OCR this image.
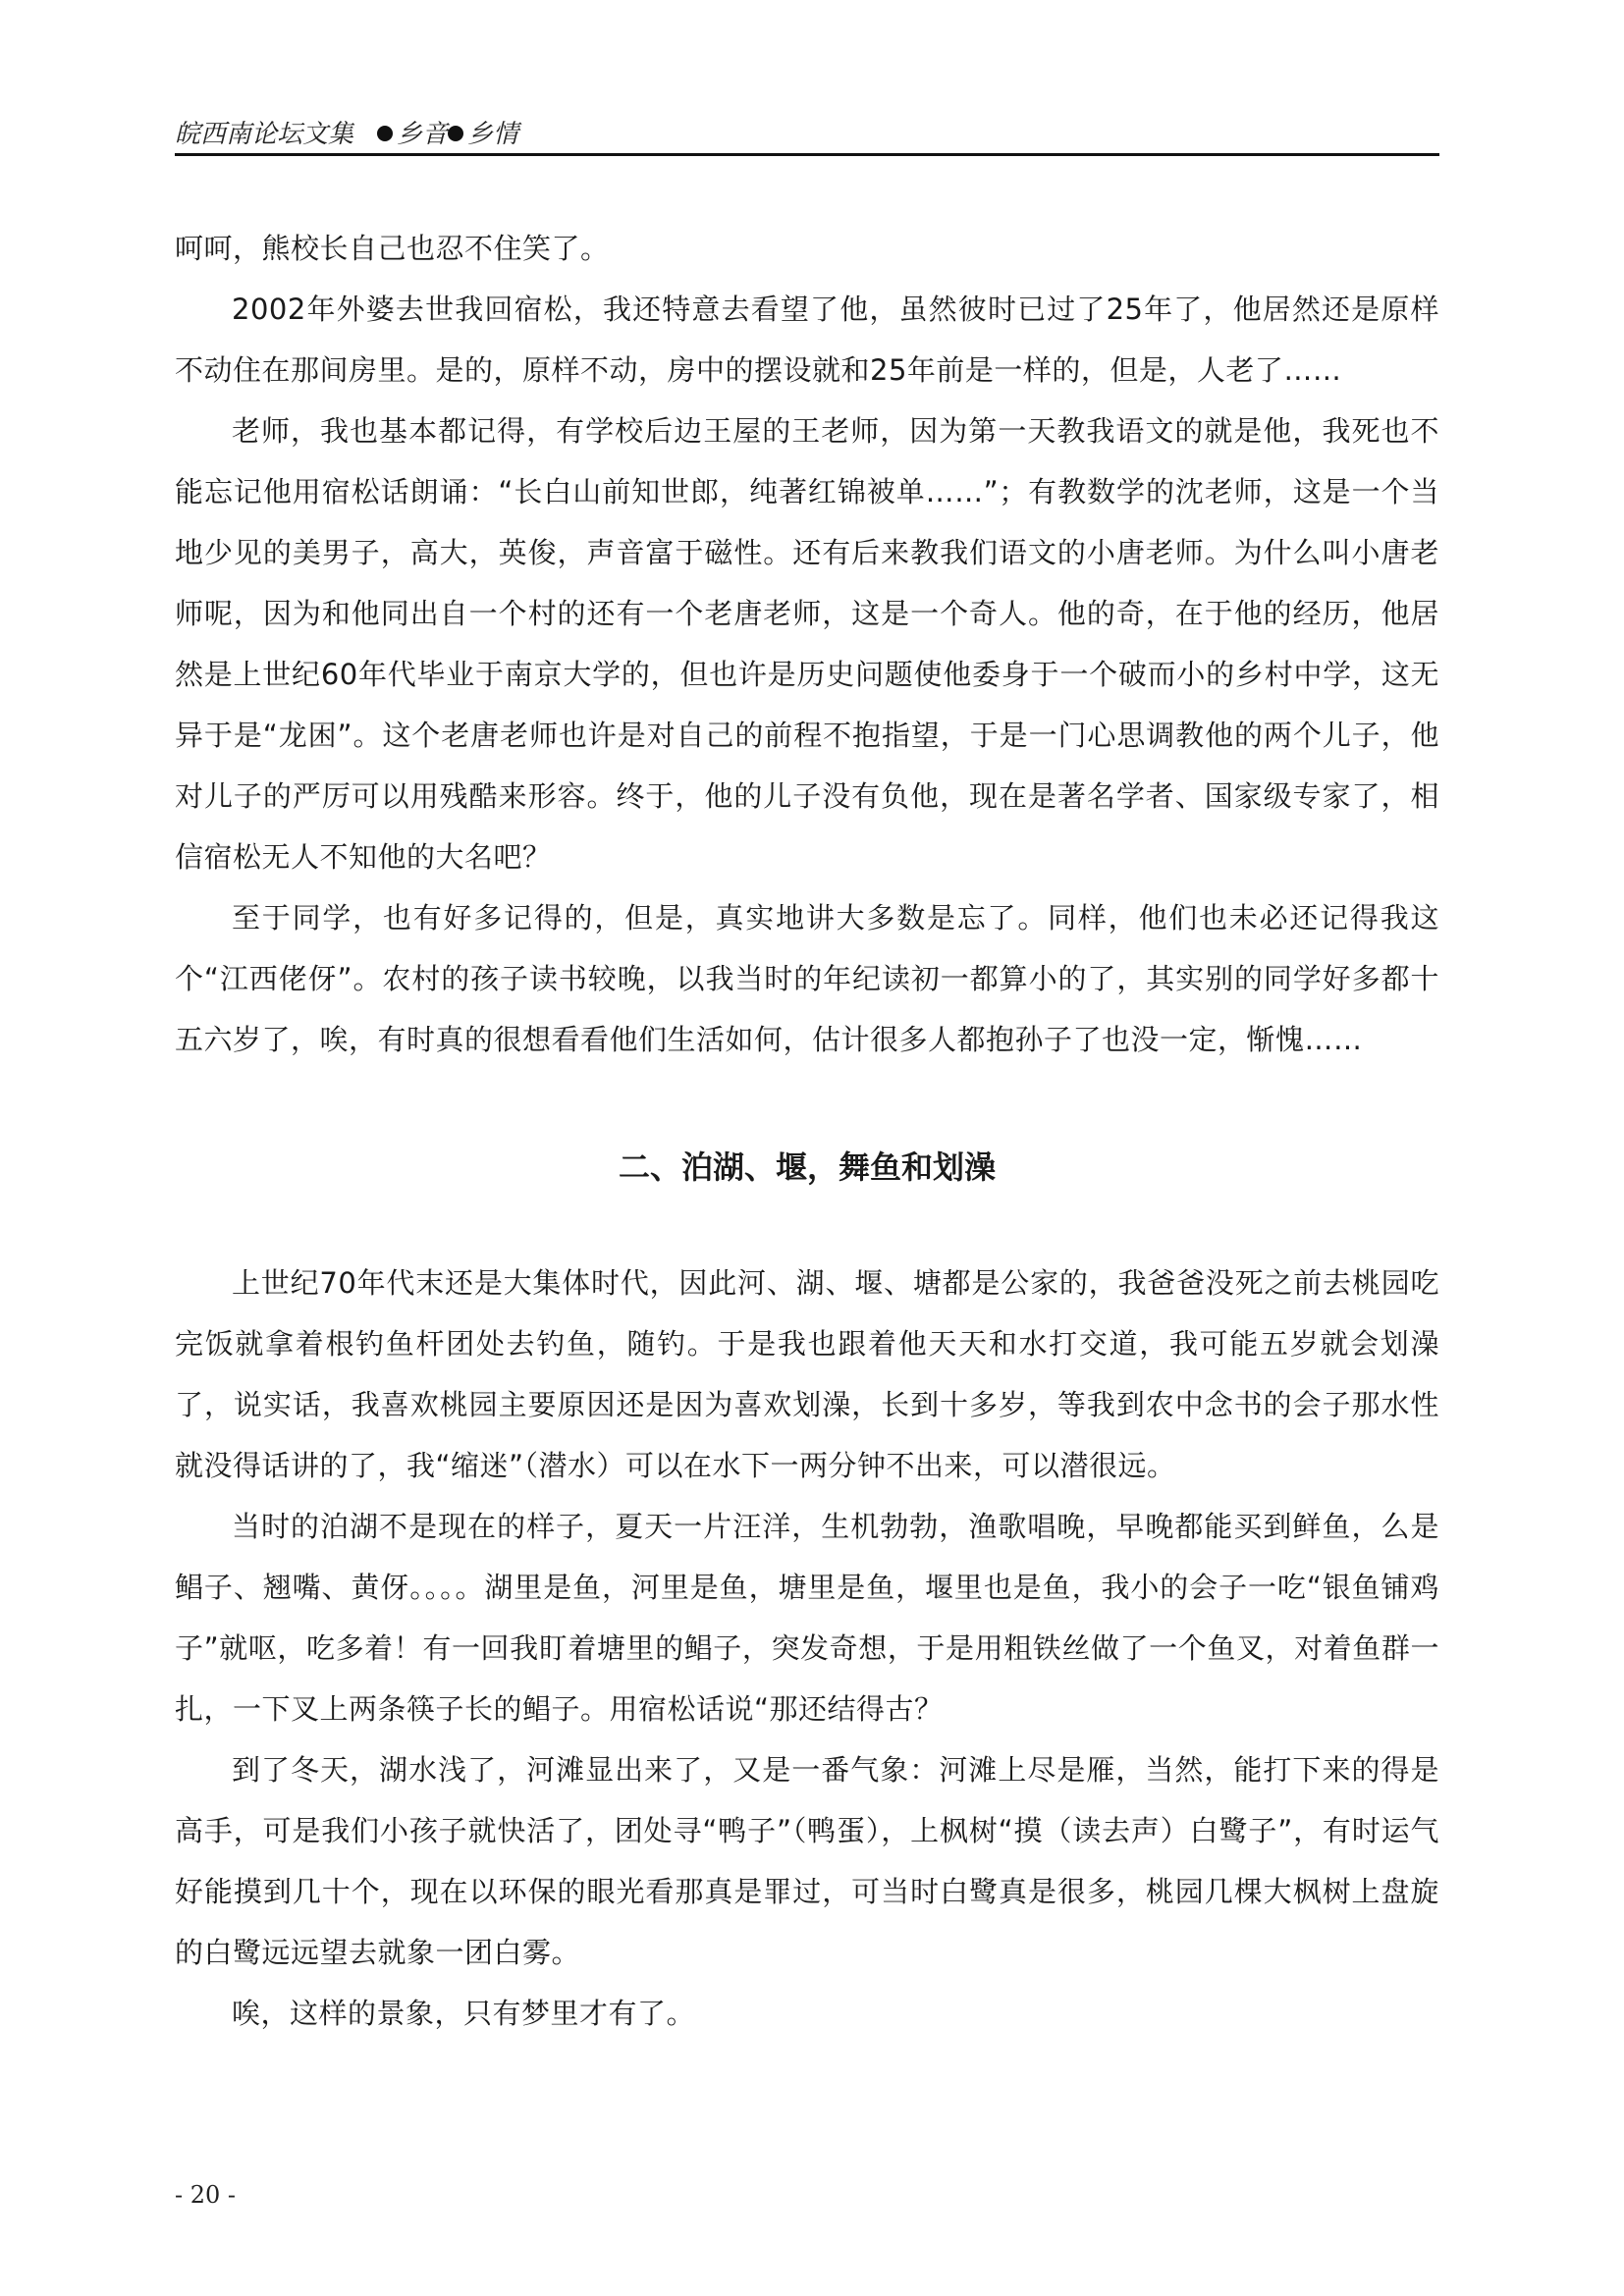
皖西南论坛文集 乡音 乡情

呵呵，熊校长自己也忍不住笑了。

2002年外婆去世我回宿松，我还特意去看望了他，虽然彼时已过了25年了，他居然还是原样不动住在那间房里。是的，原样不动，房中的摆设就和25年前是一样的，但是，人老了……

老师，我也基本都记得，有学校后边王屋的王老师，因为第一天教我语文的就是他，我死也不能忘记他用宿松话朗诵：“长白山前知世郎，纯著红锦被单……”；有教数学的沈老师，这是一个当地少见的美男子，高大，英俊，声音富于磁性。还有后来教我们语文的小唐老师。为什么叫小唐老师呢，因为和他同出自一个村的还有一个老唐老师，这是一个奇人。他的奇，在于他的经历，他居然是上世纪60年代毕业于南京大学的，但也许是历史问题使他委身于一个破而小的乡村中学，这无异于是“龙困”。这个老唐老师也许是对自己的前程不抱指望，于是一门心思调教他的两个儿子，他对儿子的严厉可以用残酷来形容。终于，他的儿子没有负他，现在是著名学者、国家级专家了，相信宿松无人不知他的大名吧？

至于同学，也有好多记得的，但是，真实地讲大多数是忘了。同样，他们也未必还记得我这个“江西佬伢”。农村的孩子读书较晚，以我当时的年纪读初一都算小的了，其实别的同学好多都十五六岁了，唉，有时真的很想看看他们生活如何，估计很多人都抱孙子了也没一定，惭愧……

二、泊湖、堰，舞鱼和划澡

上世纪70年代末还是大集体时代，因此河、湖、堰、塘都是公家的，我爸爸没死之前去桃园吃完饭就拿着根钓鱼杆团处去钓鱼，随钓。于是我也跟着他天天和水打交道，我可能五岁就会划澡了，说实话，我喜欢桃园主要原因还是因为喜欢划澡，长到十多岁，等我到农中念书的会子那水性就没得话讲的了，我“缩迷”（潜水）可以在水下一两分钟不出来，可以潜很远。

当时的泊湖不是现在的样子，夏天一片汪洋，生机勃勃，渔歌唱晚，早晚都能买到鲜鱼，么是鲳子、翘嘴、黄伢。。。。湖里是鱼，河里是鱼，塘里是鱼，堰里也是鱼，我小的会子一吃“银鱼铺鸡子”就呕，吃多着！有一回我盯着塘里的鲳子，突发奇想，于是用粗铁丝做了一个鱼叉，对着鱼群一扎，一下叉上两条筷子长的鲳子。用宿松话说“那还结得古？

到了冬天，湖水浅了，河滩显出来了，又是一番气象：河滩上尽是雁，当然，能打下来的得是高手，可是我们小孩子就快活了，团处寻“鸭子”（鸭蛋），上枫树“摸（读去声）白鹭子”，有时运气好能摸到几十个，现在以环保的眼光看那真是罪过，可当时白鹭真是很多，桃园几棵大枫树上盘旋的白鹭远远望去就象一团白雾。

唉，这样的景象，只有梦里才有了。

- 20 -
